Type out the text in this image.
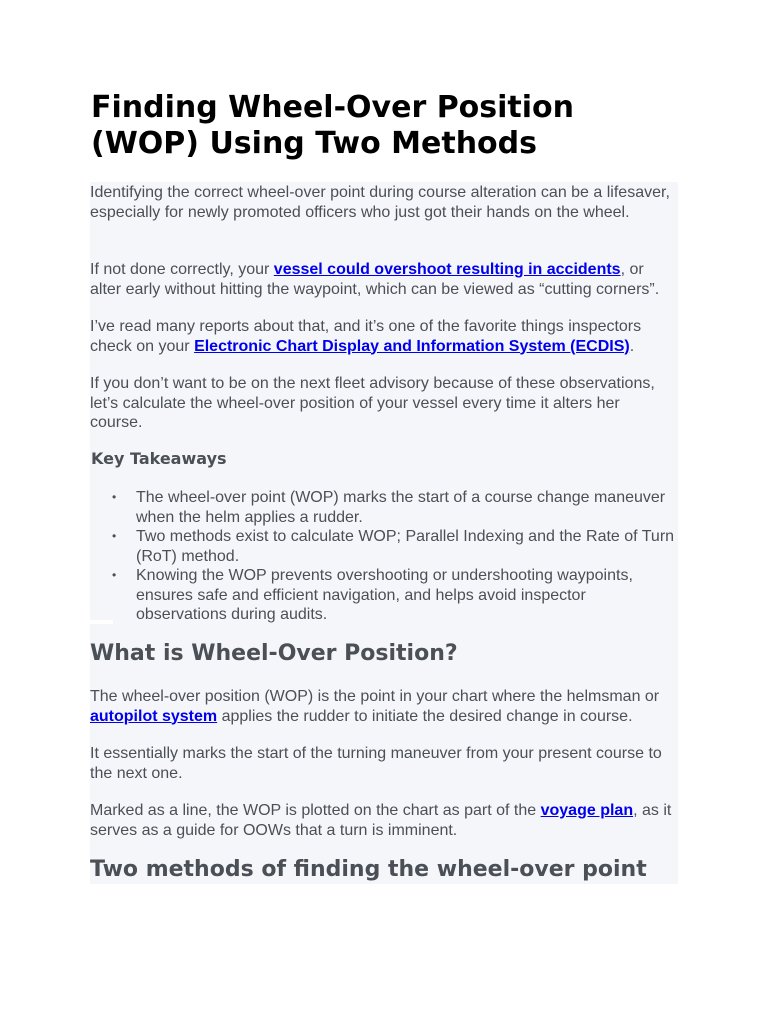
Finding Wheel-Over Position (WOP) Using Two Methods

Identifying the correct wheel-over point during course alteration can be a lifesaver, especially for newly promoted officers who just got their hands on the wheel.

If not done correctly, your vessel could overshoot resulting in accidents, or alter early without hitting the waypoint, which can be viewed as “cutting corners”.

I’ve read many reports about that, and it’s one of the favorite things inspectors check on your Electronic Chart Display and Information System (ECDIS).

If you don’t want to be on the next fleet advisory because of these observations, let’s calculate the wheel-over position of your vessel every time it alters her course.

Key Takeaways
• The wheel-over point (WOP) marks the start of a course change maneuver when the helm applies a rudder.
• Two methods exist to calculate WOP; Parallel Indexing and the Rate of Turn (RoT) method.
• Knowing the WOP prevents overshooting or undershooting waypoints, ensures safe and efficient navigation, and helps avoid inspector observations during audits.
What is Wheel-Over Position?

The wheel-over position (WOP) is the point in your chart where the helmsman or autopilot system applies the rudder to initiate the desired change in course.

It essentially marks the start of the turning maneuver from your present course to the next one.

Marked as a line, the WOP is plotted on the chart as part of the voyage plan, as it serves as a guide for OOWs that a turn is imminent.

Two methods of finding the wheel-over point
